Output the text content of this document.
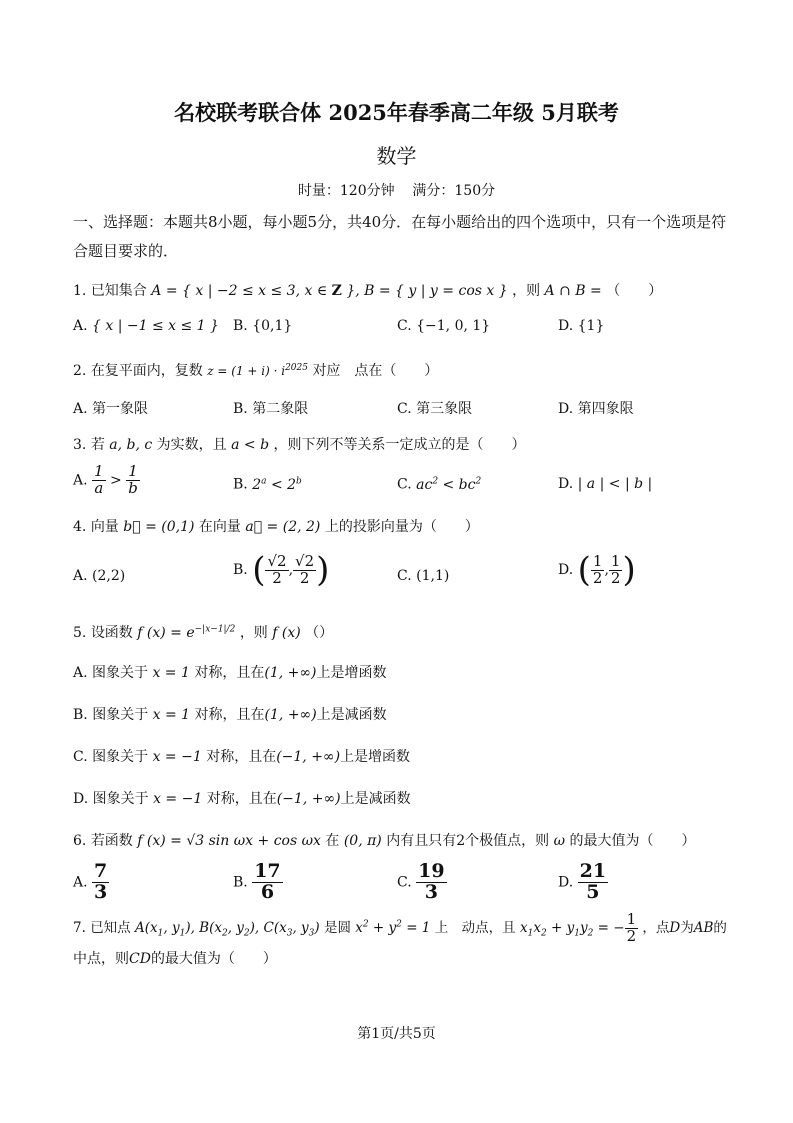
名校联考联合体 2025年春季高二年级 5月联考
数学
时量：120分钟    满分：150分
一、选择题：本题共8小题，每小题5分，共40分．在每小题给出的四个选项中，只有一个选项是符合题目要求的．
1. 已知集合 A = { x | −2 ≤ x ≤ 3, x ∈ Z }, B = { y | y = cos x } ，则 A ∩ B = （　　）
A. { x | −1 ≤ x ≤ 1 } B. {0,1}	C. {−1, 0, 1}	D. {1}
2. 在复平面内，复数 $z = (1 + i) \cdot i^{2025}$ 对应　点在（　　）
A. 第一象限	B. 第二象限	C. 第三象限	D. 第四象限
3. 若 a, b, c 为实数，且 a < b ，则下列不等关系一定成立的是（　　）
A. $\frac{1}{a} > \frac{1}{b}$	B. $2^a < 2^b$	C. $ac^2 < bc^2$	D. | a | < | b |
4. 向量 b⃗ = (0,1) 在向量 a⃗ = (2, 2) 上的投影向量为（　　）
A. (2,2)	B. ( $\frac{√2}{2}$ , $\frac{√2}{2}$ )	C. (1,1)	D. ( $\frac{1}{2}$ , $\frac{1}{2}$ )
5. 设函数 f $(x) = e^{-|x-1|/2}$ ，则 f (x) （）
A. 图象关于 x = 1 对称，且在(1, +∞)上是增函数
B. 图象关于 x = 1 对称，且在(1, +∞)上是减函数
C. 图象关于 x = −1 对称，且在(−1, +∞)上是增函数
D. 图象关于 x = −1 对称，且在(−1, +∞)上是减函数
6. 若函数 f (x) = √3 sin ωx + cos ωx 在 (0, π) 内有且只有2个极值点，则 ω 的最大值为（　　）
A. $\frac{7}{3}$	B. $\frac{17}{6}$	C. $\frac{19}{3}$	D. $\frac{21}{5}$
7. 已知点 $A(x_1$, $y_1$), $B(x_2$, $y_2$), $C(x_3$, $y_3$) 是圆 $x^2 + y^2 = 1$ 上　动点，且 $x_1x_2 + y_1y_2$ = − $\frac{1}{2}$ ，点D为AB的
中点，则CD的最大值为（　　）
第1页/共5页
